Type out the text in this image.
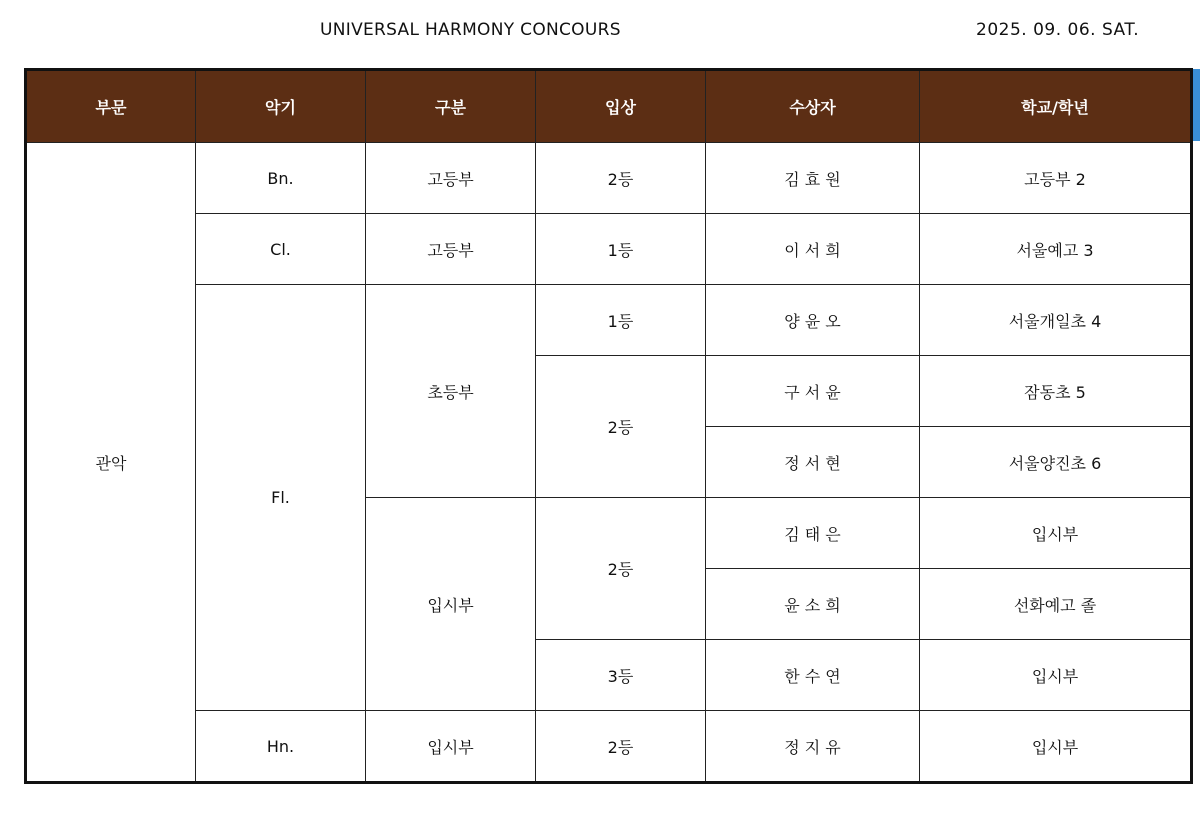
UNIVERSAL HARMONY CONCOURS	2025. 09. 06. SAT.
부문	악기	구분	입상	수상자	학교/학년
관악	Bn.	고등부	2등	김 효 원	고등부 2
	Cl.	고등부	1등	이 서 희	서울예고 3
	Fl.	초등부	1등	양 윤 오	서울개일초 4
			2등	구 서 윤	잠동초 5
				정 서 현	서울양진초 6
		입시부	2등	김 태 은	입시부
				윤 소 희	선화예고 졸
			3등	한 수 연	입시부
	Hn.	입시부	2등	정 지 유	입시부
